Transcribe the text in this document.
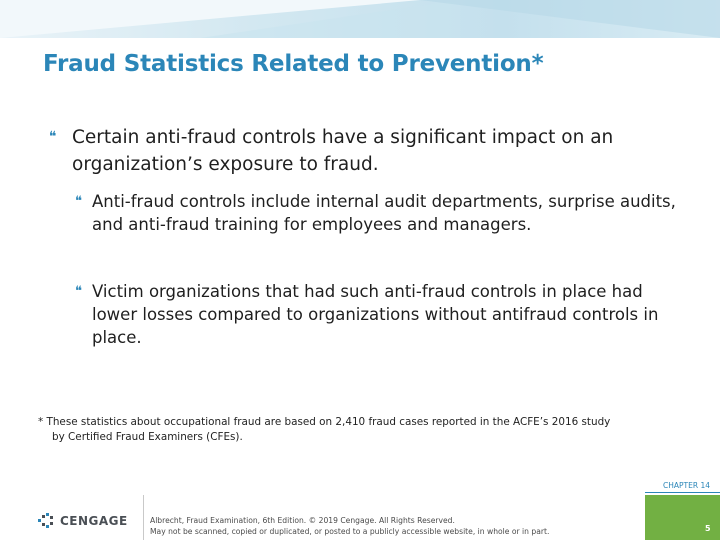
Fraud Statistics Related to Prevention*
❝ Certain anti-fraud controls have a significant impact on an organization’s exposure to fraud.
❝ Anti-fraud controls include internal audit departments, surprise audits, and anti-fraud training for employees and managers.
❝ Victim organizations that had such anti-fraud controls in place had lower losses compared to organizations without antifraud controls in place.
* These statistics about occupational fraud are based on 2,410 fraud cases reported in the ACFE’s 2016 study
by Certified Fraud Examiners (CFEs).
CENGAGE	Albrecht, Fraud Examination, 6th Edition. © 2019 Cengage. All Rights Reserved.
May not be scanned, copied or duplicated, or posted to a publicly accessible website, in whole or in part.
CHAPTER 14
5
